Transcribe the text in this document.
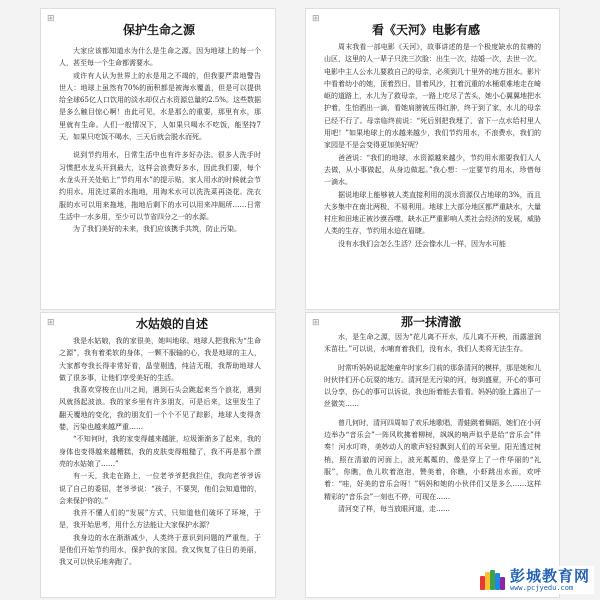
⊞
保护生命之源

大家应该都知道水为什么是生命之源。因为地球上的每一个人，甚至每一个生命都需要水。

或许有人认为世界上的水是用之不竭的，但我要严肃地警告世人：地球上虽然有70%的面积都是被海水覆盖，但是可以提供给全球65亿人口饮用的淡水却仅占水资源总量的2.5%。这些数据是多么触目惊心啊！由此可见，水是那么的重要，那里有水，那里就有生命。人们一般情况下，人如果只喝水不吃饭，能坚持7天，如果只吃饭不喝水，三天后就会脱水而死。

说到节约用水，日常生活中也有许多好办法。很多人洗手时习惯把水龙头开到最大，这样会浪费好多水，因此我们要，每个水龙头开关处贴上“节约用水”的提示贴，家人用水的时候就会节约用水。用洗过菜的水拖地，用淘米水可以洗洗菜再浇花。洗衣服的水可以用来拖地，拖地后剩下的水可以用来冲厕所……日常生活中一水多用，至少可以节省四分之一的水源。

为了我们美好的未来，我们应该携手共筑，防止污染。

⊞
看《天河》电影有感

周末我看一部电影《天河》，故事讲述的是一个极度缺水的贫瘠的山区，这里的人一辈子只洗三次脸：出生一次，结婚一次，去世一次。电影中主人公水儿要救自己的母亲，必须到几十里外的地方担水。影片中看着幼小的她，顶着烈日、冒着风沙，扛着沉重的水桶艰难地走在崎岖的道路上，水儿为了救母亲，一路上吃尽了苦头，她小心翼翼地把水护着，生怕洒出一滴，看她肩膀被压得红肿，终于到了家，水儿的母亲已经不行了。母亲临终前说：“死后别把我埋了，省下一点水给村里人用吧！”如果地球上的水越来越少，我们节约用水，不浪费水，我们的家园是不是会变得更加美好呢？

爸爸说：“我们的地球，水资源越来越少，节约用水需要我们人人去做，从小事做起，从身边做起。”我心想：一定要节约用水，珍惜每一滴水。

据说地球上能够被人类直接利用的淡水资源仅占地球的3%，而且大多集中在南北两极，不易利用。地球上大部分地区都严重缺水，大量村庄和田地正被沙漠吞噬，缺水正严重影响人类社会经济的发展，威胁人类的生存，节约用水迫在眉睫。

没有水我们会怎么生活？还会像水儿一样，因为水可能

⊞	水姑娘的自述

我是水姑娘，我的家很美，她叫地球。地球人把我称为“生命之源”，我有着柔软的身体，一颗不服输的心，我是地球的主人，大家都夸我长得非常好看，晶莹剔透，纯洁无瑕，我帮助地球人做了很多事，让他们享受美好的生活。

我喜欢穿梭在山川之间，遇到石头会跳起来当个浪花，遇到风就扬起波浪。我的家乡里有许多朋友，可是后来，这里发生了翻天覆地的变化，我的朋友们一个个不见了踪影，地球人变得贪婪，污染也越来越严重……

“不知何时，我的家变得越来越脏，垃圾渐渐多了起来，我的身体也变得越来越糟糕，我的皮肤变得粗糙了，我不再是那个漂亮的水姑娘了……”

有一天，我走在路上，一位老爷爷把我拦住，我向老爷爷诉说了自己的委屈，老爷爷说：“孩子，不要哭，他们会知道错的，会来保护你的。”

我并不懂人们的“发展”方式，只知道他们破坏了环境，于是，我开始思考，用什么方法能让大家保护水源？

我身边的水在渐渐减少，人类终于意识到问题的严重性，于是他们开始节约用水，保护我的家园。我又恢复了往日的美丽，我又可以快乐地奔跑了。

⊞	那一抹清澈

水，是生命之源，因为“花儿离不开水，瓜儿离不开秧，而露滋润禾苗壮。”可以说，水哺育着我们，没有水，我们人类将无法生存。

时常听妈妈说起她童年时家乡门前的那条清河的模样，那是她和儿时伙伴们开心玩耍的地方。清河是无污染的河，每到盛夏，开心的事可以分享，伤心的事可以诉说，我也盼着能去看看。妈妈的脸上露出了一丝微笑……

曾几何时，清河四周如了欢乐地歌唱，青蛙跳着舞蹈，她们在小河边举办“音乐会”一阵风吹拂着柳树，飒飒的响声似乎是给“音乐会”伴奏！河水叮咚，美妙动人的歌声轻轻飘到人们的耳朵里。阳光透过树梢，照在清澈的河面上，波光粼粼的，像是穿上了一件华丽的“礼服”，你瞧，鱼儿吹着泡泡，赞美着，你瞧，小虾跳出水面，欢呼着：“哇，好美的音乐会呀！”妈妈和她的小伙伴们又是多么……这样精彩的“音乐会”一刻也不停，可现在……

清河变了样，每当放眼河道，走……

彭城教育网
www.pcjyedu.com
